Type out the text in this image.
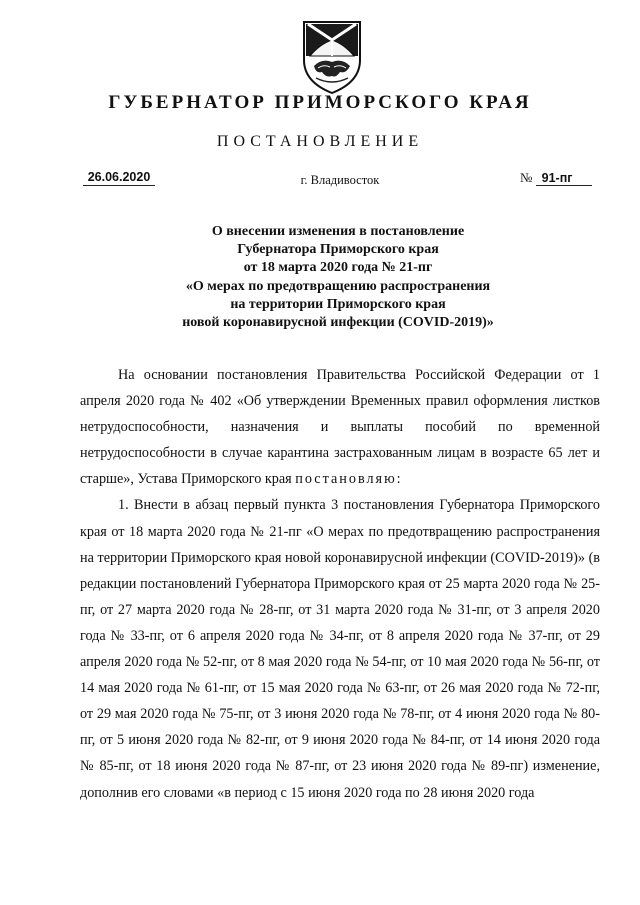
ГУБЕРНАТОР ПРИМОРСКОГО КРАЯ
ПОСТАНОВЛЕНИЕ
26.06.2020	г. Владивосток	№ 91-пг
О внесении изменения в постановление
Губернатора Приморского края
от 18 марта 2020 года № 21-пг
«О мерах по предотвращению распространения
на территории Приморского края
новой коронавирусной инфекции (COVID-2019)»

На основании постановления Правительства Российской Федерации от 1 апреля 2020 года № 402 «Об утверждении Временных правил оформления листков нетрудоспособности, назначения и выплаты пособий по временной нетрудоспособности в случае карантина застрахованным лицам в возрасте 65 лет и старше», Устава Приморского края постановляю:

1. Внести в абзац первый пункта 3 постановления Губернатора Приморского края от 18 марта 2020 года № 21-пг «О мерах по предотвращению распространения на территории Приморского края новой коронавирусной инфекции (COVID-2019)» (в редакции постановлений Губернатора Приморского края от 25 марта 2020 года № 25-пг, от 27 марта 2020 года № 28-пг, от 31 марта 2020 года № 31-пг, от 3 апреля 2020 года № 33-пг, от 6 апреля 2020 года № 34-пг, от 8 апреля 2020 года № 37-пг, от 29 апреля 2020 года № 52-пг, от 8 мая 2020 года № 54-пг, от 10 мая 2020 года № 56-пг, от 14 мая 2020 года № 61-пг, от 15 мая 2020 года № 63-пг, от 26 мая 2020 года № 72-пг, от 29 мая 2020 года № 75-пг, от 3 июня 2020 года № 78-пг, от 4 июня 2020 года № 80-пг, от 5 июня 2020 года № 82-пг, от 9 июня 2020 года № 84-пг, от 14 июня 2020 года № 85-пг, от 18 июня 2020 года № 87-пг, от 23 июня 2020 года № 89-пг) изменение, дополнив его словами «в период с 15 июня 2020 года по 28 июня 2020 года
